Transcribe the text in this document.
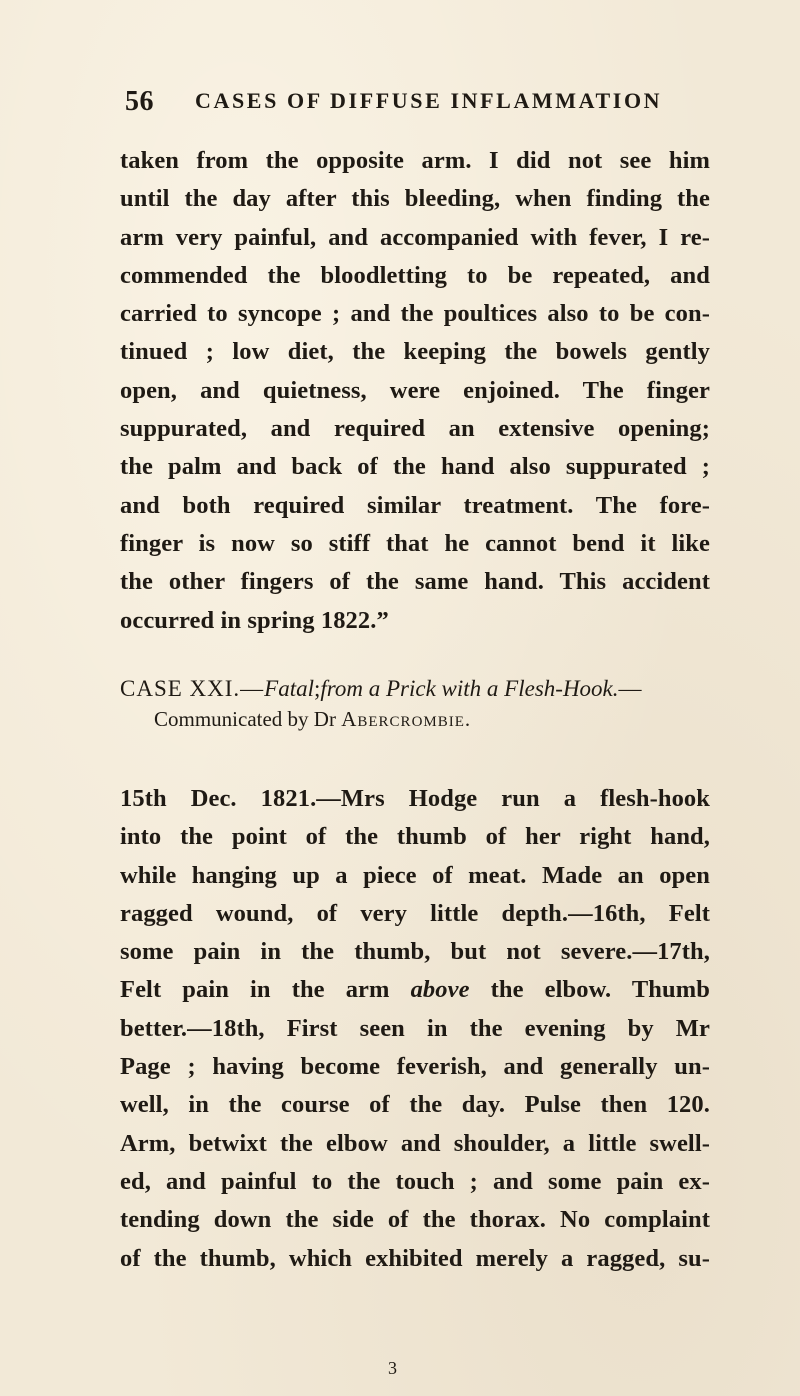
56 CASES OF DIFFUSE INFLAMMATION

taken from the opposite arm. I did not see him
until the day after this bleeding, when finding the
arm very painful, and accompanied with fever, I re-
commended the bloodletting to be repeated, and
carried to syncope ; and the poultices also to be con-
tinued ; low diet, the keeping the bowels gently
open, and quietness, were enjoined. The finger
suppurated, and required an extensive opening;
the palm and back of the hand also suppurated ;
and both required similar treatment. The fore-
finger is now so stiff that he cannot bend it like
the other fingers of the same hand. This accident
occurred in spring 1822.”

CASE XXI.—Fatal;from a Prick with a Flesh-Hook.—
Communicated by Dr Abercrombie.

15th Dec. 1821.—Mrs Hodge run a flesh-hook
into the point of the thumb of her right hand,
while hanging up a piece of meat. Made an open
ragged wound, of very little depth.—16th, Felt
some pain in the thumb, but not severe.—17th,
Felt pain in the arm above the elbow. Thumb
better.—18th, First seen in the evening by Mr
Page ; having become feverish, and generally un-
well, in the course of the day. Pulse then 120.
Arm, betwixt the elbow and shoulder, a little swell-
ed, and painful to the touch ; and some pain ex-
tending down the side of the thorax. No complaint
of the thumb, which exhibited merely a ragged, su-

3
